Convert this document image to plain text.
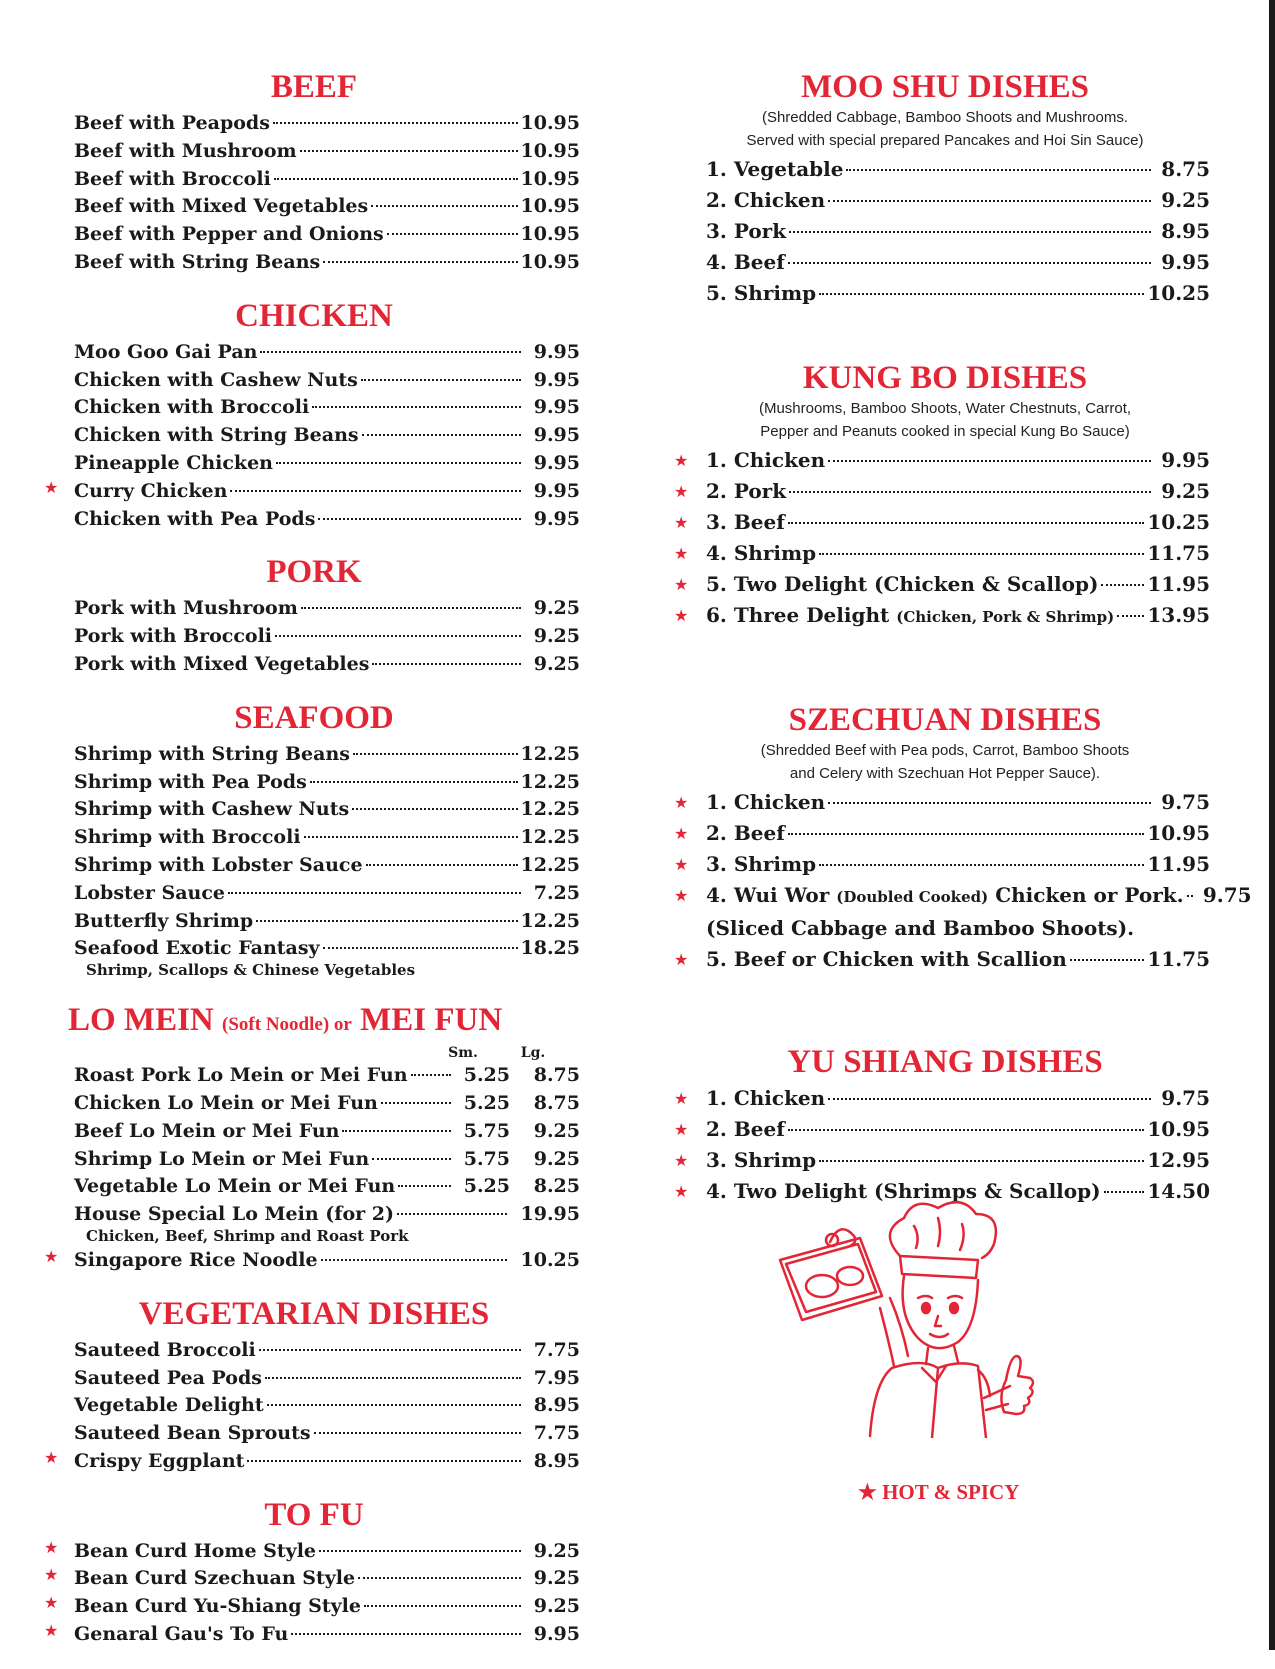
BEEF
Beef with Peapods	10.95
Beef with Mushroom	10.95
Beef with Broccoli	10.95
Beef with Mixed Vegetables	10.95
Beef with Pepper and Onions	10.95
Beef with String Beans	10.95
CHICKEN
Moo Goo Gai Pan	9.95
Chicken with Cashew Nuts	9.95
Chicken with Broccoli	9.95
Chicken with String Beans	9.95
Pineapple Chicken	9.95
★ Curry Chicken	9.95
Chicken with Pea Pods	9.95
PORK
Pork with Mushroom	9.25
Pork with Broccoli	9.25
Pork with Mixed Vegetables	9.25
SEAFOOD
Shrimp with String Beans	12.25
Shrimp with Pea Pods	12.25
Shrimp with Cashew Nuts	12.25
Shrimp with Broccoli	12.25
Shrimp with Lobster Sauce	12.25
Lobster Sauce	7.25
Butterfly Shrimp	12.25
Seafood Exotic Fantasy	18.25
Shrimp, Scallops & Chinese Vegetables
LO MEIN (Soft Noodle) or MEI FUN
Sm.	Lg.
Roast Pork Lo Mein or Mei Fun	5.25	8.75
Chicken Lo Mein or Mei Fun	5.25	8.75
Beef Lo Mein or Mei Fun	5.75	9.25
Shrimp Lo Mein or Mei Fun	5.75	9.25
Vegetable Lo Mein or Mei Fun	5.25	8.25
House Special Lo Mein (for 2)	19.95
Chicken, Beef, Shrimp and Roast Pork
★ Singapore Rice Noodle	10.25
VEGETARIAN DISHES
Sauteed Broccoli	7.75
Sauteed Pea Pods	7.95
Vegetable Delight	8.95
Sauteed Bean Sprouts	7.75
★ Crispy Eggplant	8.95
TO FU
★ Bean Curd Home Style	9.25
★ Bean Curd Szechuan Style	9.25
★ Bean Curd Yu-Shiang Style	9.25
★ Genaral Gau's To Fu	9.95
MOO SHU DISHES
(Shredded Cabbage, Bamboo Shoots and Mushrooms.
Served with special prepared Pancakes and Hoi Sin Sauce)
1. Vegetable	8.75
2. Chicken	9.25
3. Pork	8.95
4. Beef	9.95
5. Shrimp	10.25
KUNG BO DISHES
(Mushrooms, Bamboo Shoots, Water Chestnuts, Carrot,
Pepper and Peanuts cooked in special Kung Bo Sauce)
★ 1. Chicken	9.95
★ 2. Pork	9.25
★ 3. Beef	10.25
★ 4. Shrimp	11.75
★ 5. Two Delight (Chicken & Scallop) 11.95
★ 6. Three Delight (Chicken, Pork & Shrimp) 13.95
SZECHUAN DISHES
(Shredded Beef with Pea pods, Carrot, Bamboo Shoots
and Celery with Szechuan Hot Pepper Sauce).
★ 1. Chicken	9.75
★ 2. Beef	10.95
★ 3. Shrimp	11.95
★ 4. Wui Wor (Doubled Cooked) Chicken or Pork. 9.75
(Sliced Cabbage and Bamboo Shoots).
★ 5. Beef or Chicken with Scallion	11.75
YU SHIANG DISHES
★ 1. Chicken	9.75
★ 2. Beef	10.95
★ 3. Shrimp	12.95
★ 4. Two Delight (Shrimps & Scallop) 14.50
★ HOT & SPICY
